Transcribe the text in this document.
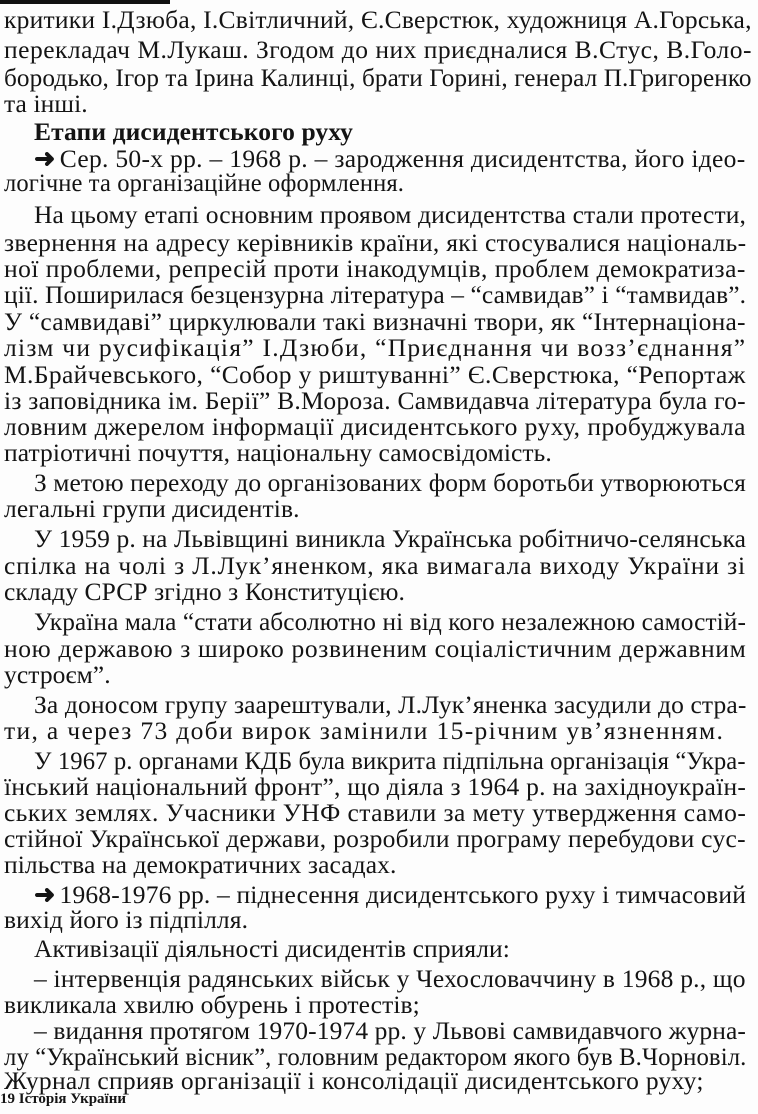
критики І.Дзюба, І.Світличний, Є.Сверстюк, художниця А.Горська,

перекладач М.Лукаш. Згодом до них приєдналися В.Стус, В.Голо-

бородько, Ігор та Ірина Калинці, брати Горині, генерал П.Григоренко

та інші.

Етапи дисидентського руху

➜ Сер. 50-х рр. – 1968 р. – зародження дисидентства, його ідео-

логічне та організаційне оформлення.

На цьому етапі основним проявом дисидентства стали протести,

звернення на адресу керівників країни, які стосувалися національ-

ної проблеми, репресій проти інакодумців, проблем демократиза-

ції. Поширилася безцензурна література – “самвидав” і “тамвидав”.

У “самвидаві” циркулювали такі визначні твори, як “Інтернаціона-

лізм чи русифікація” І.Дзюби, “Приєднання чи возз’єднання”

М.Брайчевського, “Собор у риштуванні” Є.Сверстюка, “Репортаж

із заповідника ім. Берії” В.Мороза. Самвидавча література була го-

ловним джерелом інформації дисидентського руху, пробуджувала

патріотичні почуття, національну самосвідомість.

З метою переходу до організованих форм боротьби утворюються

легальні групи дисидентів.

У 1959 р. на Львівщині виникла Українська робітничо-селянська

спілка на чолі з Л.Лук’яненком, яка вимагала виходу України зі

складу СРСР згідно з Конституцією.

Україна мала “стати абсолютно ні від кого незалежною самостій-

ною державою з широко розвиненим соціалістичним державним

устроєм”.

За доносом групу заарештували, Л.Лук’яненка засудили до стра-

ти, а через 73 доби вирок замінили 15-річним ув’язненням.

У 1967 р. органами КДБ була викрита підпільна організація “Укра-

їнський національний фронт”, що діяла з 1964 р. на західноукраїн-

ських землях. Учасники УНФ ставили за мету утвердження само-

стійної Української держави, розробили програму перебудови сус-

пільства на демократичних засадах.

➜ 1968-1976 рр. – піднесення дисидентського руху і тимчасовий

вихід його із підпілля.

Активізації діяльності дисидентів сприяли:

– інтервенція радянських військ у Чехословаччину в 1968 р., що

викликала хвилю обурень і протестів;

– видання протягом 1970-1974 рр. у Львові самвидавчого журна-

лу “Український вісник”, головним редактором якого був В.Чорновіл.

Журнал сприяв організації і консолідації дисидентського руху;

19 Історія України
